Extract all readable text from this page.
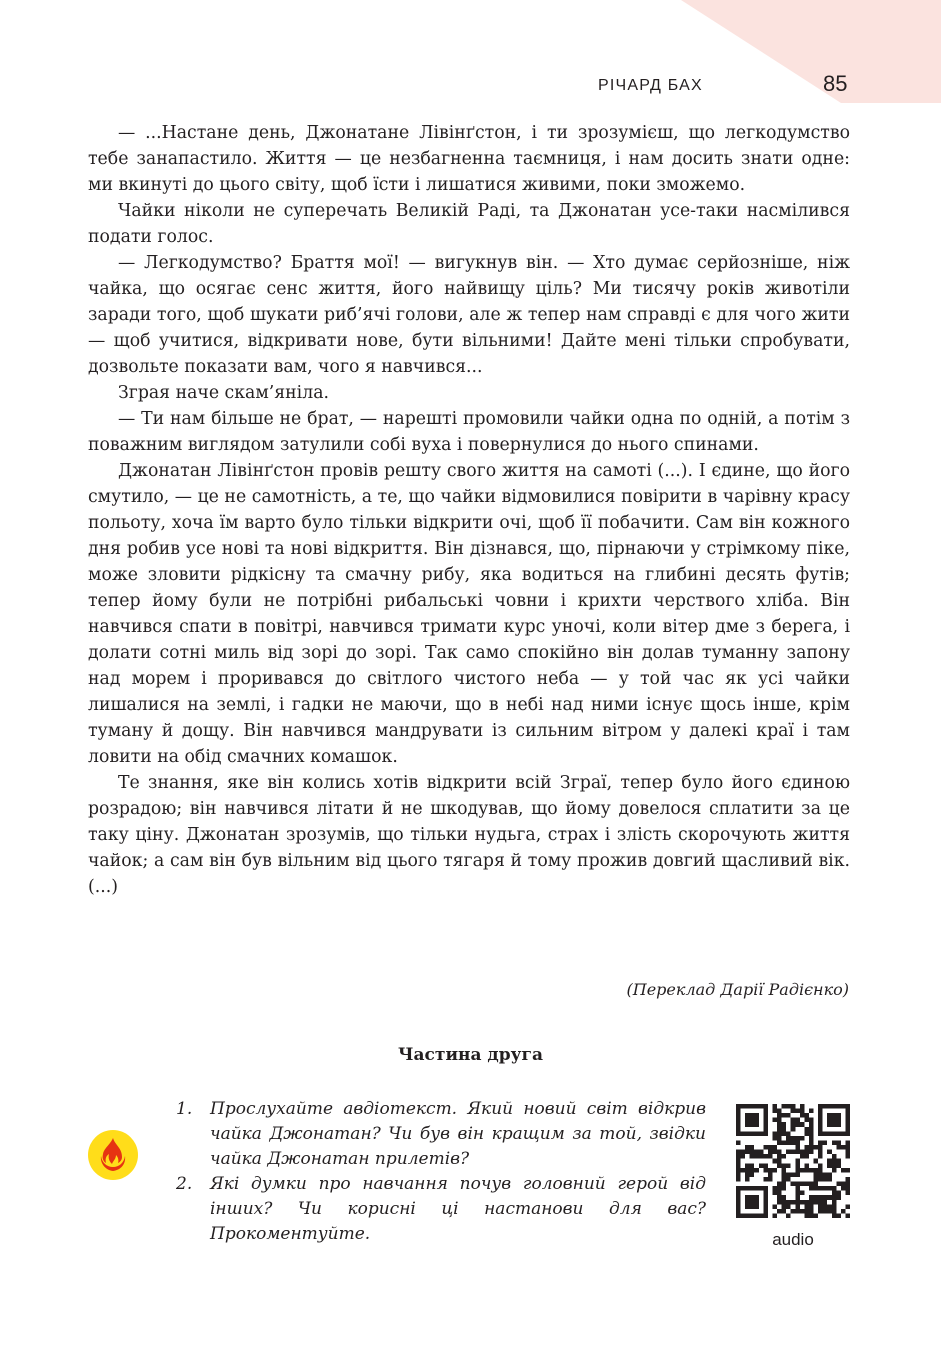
РІЧАРД БАХ	85

— ...Настане день, Джонатане Лівінґстон, і ти зрозумієш, що легкодумство тебе занапастило. Життя — це незбагненна таємниця, і нам досить знати одне: ми вкинуті до цього світу, щоб їсти і лишатися живими, поки зможемо.

Чайки ніколи не суперечать Великій Раді, та Джонатан усе-таки насмілився подати голос.

— Легкодумство? Браття мої! — вигукнув він. — Хто думає серйозніше, ніж чайка, що осягає сенс життя, його найвищу ціль? Ми тисячу років животіли заради того, щоб шукати риб’ячі голови, але ж тепер нам справді є для чого жити — щоб учитися, відкривати нове, бути вільними! Дайте мені тільки спробувати, дозвольте показати вам, чого я навчився...

Зграя наче скам’яніла.

— Ти нам більше не брат, — нарешті промовили чайки одна по одній, а потім з поважним виглядом затулили собі вуха і повернулися до нього спинами.

Джонатан Лівінґстон провів решту свого життя на самоті (...). І єдине, що його смутило, — це не самотність, а те, що чайки відмовилися повірити в чарівну красу польоту, хоча їм варто було тільки відкрити очі, щоб її побачити. Сам він кожного дня робив усе нові та нові відкриття. Він дізнався, що, пірнаючи у стрімкому піке, може зловити рідкісну та смачну рибу, яка водиться на глибині десять футів; тепер йому були не потрібні рибальські човни і крихти черствого хліба. Він навчився спати в повітрі, навчився тримати курс уночі, коли вітер дме з берега, і долати сотні миль від зорі до зорі. Так само спокійно він долав туманну запону над морем і проривався до світлого чистого неба — у той час як усі чайки лишалися на землі, і гадки не маючи, що в небі над ними існує щось інше, крім туману й дощу. Він навчився мандрувати із сильним вітром у далекі краї і там ловити на обід смачних комашок.

Те знання, яке він колись хотів відкрити всій Зграї, тепер було його єдиною розрадою; він навчився літати й не шкодував, що йому довелося сплатити за це таку ціну. Джонатан зрозумів, що тільки нудьга, страх і злість скорочують життя чайок; а сам він був вільним від цього тягаря й тому прожив довгий щасливий вік. (...)

(Переклад Дарії Радієнко)
Частина друга
1. Прослухайте авдіотекст. Який новий світ відкрив чайка Джонатан? Чи був він кращим за той, звідки чайка Джонатан прилетів?
2. Які думки про навчання почув головний герой від інших? Чи корисні ці настанови для вас? Прокоментуйте.	audio
